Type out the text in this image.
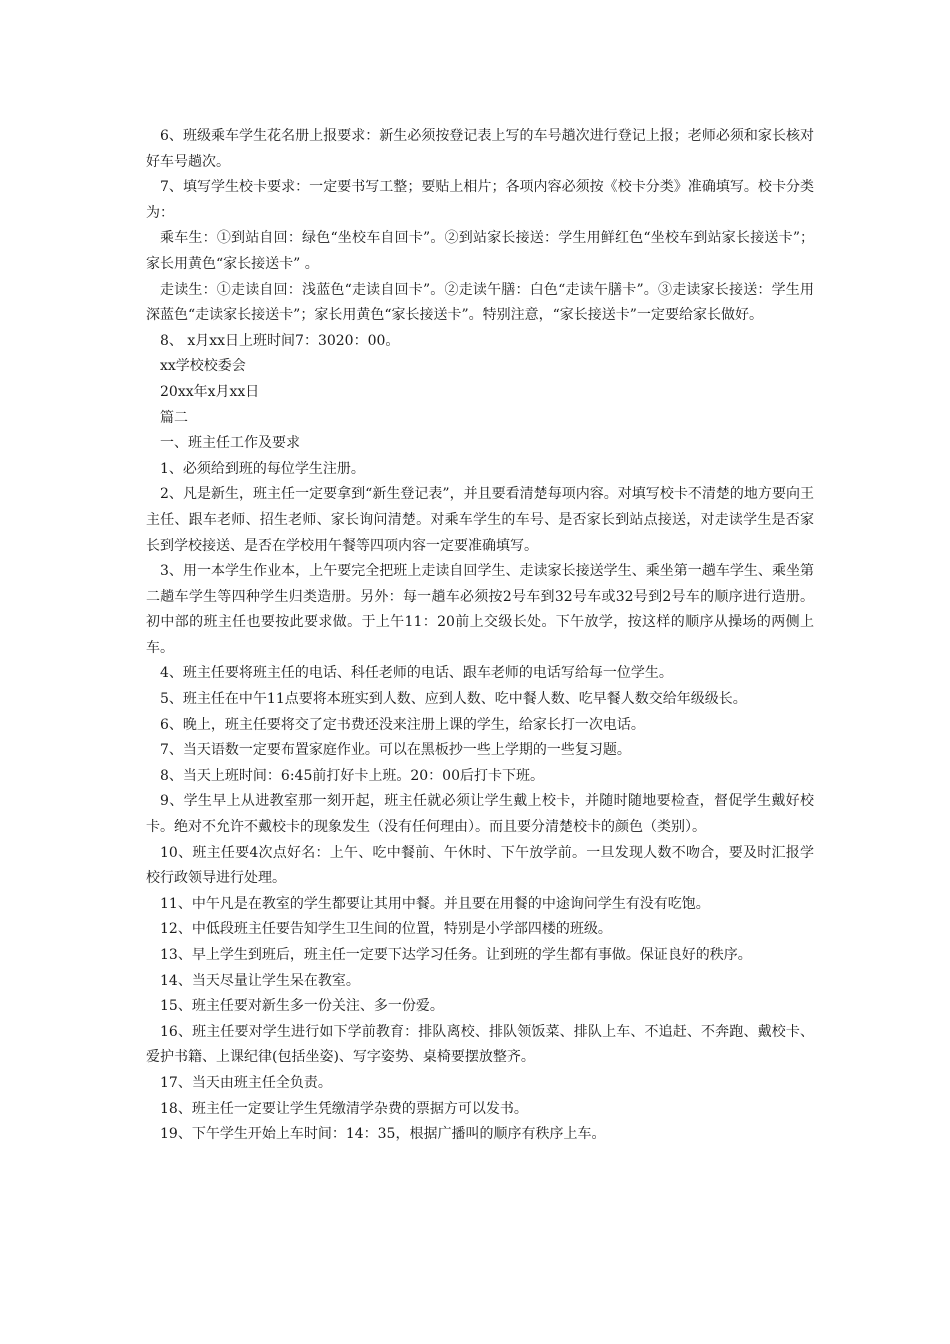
6、班级乘车学生花名册上报要求：新生必须按登记表上写的车号趟次进行登记上报；老师必须和家长核对好车号趟次。

7、填写学生校卡要求：一定要书写工整；要贴上相片；各项内容必须按《校卡分类》准确填写。校卡分类为：

乘车生：①到站自回：绿色“坐校车自回卡”。②到站家长接送：学生用鲜红色“坐校车到站家长接送卡”；家长用黄色“家长接送卡” 。

走读生：①走读自回：浅蓝色“走读自回卡”。②走读午膳：白色“走读午膳卡”。③走读家长接送：学生用深蓝色“走读家长接送卡”；家长用黄色“家长接送卡”。特别注意，“家长接送卡”一定要给家长做好。

8、 x月xx日上班时间7：3020：00。

xx学校校委会

20xx年x月xx日

篇二

一、班主任工作及要求

1、必须给到班的每位学生注册。

2、凡是新生，班主任一定要拿到“新生登记表”，并且要看清楚每项内容。对填写校卡不清楚的地方要向王主任、跟车老师、招生老师、家长询问清楚。对乘车学生的车号、是否家长到站点接送，对走读学生是否家长到学校接送、是否在学校用午餐等四项内容一定要准确填写。

3、用一本学生作业本，上午要完全把班上走读自回学生、走读家长接送学生、乘坐第一趟车学生、乘坐第二趟车学生等四种学生归类造册。另外：每一趟车必须按2号车到32号车或32号到2号车的顺序进行造册。初中部的班主任也要按此要求做。于上午11：20前上交级长处。下午放学，按这样的顺序从操场的两侧上车。

4、班主任要将班主任的电话、科任老师的电话、跟车老师的电话写给每一位学生。

5、班主任在中午11点要将本班实到人数、应到人数、吃中餐人数、吃早餐人数交给年级级长。

6、晚上，班主任要将交了定书费还没来注册上课的学生，给家长打一次电话。

7、当天语数一定要布置家庭作业。可以在黑板抄一些上学期的一些复习题。

8、当天上班时间：6:45前打好卡上班。20：00后打卡下班。

9、学生早上从进教室那一刻开起，班主任就必须让学生戴上校卡，并随时随地要检查，督促学生戴好校卡。绝对不允许不戴校卡的现象发生（没有任何理由）。而且要分清楚校卡的颜色（类别）。

10、班主任要4次点好名：上午、吃中餐前、午休时、下午放学前。一旦发现人数不吻合，要及时汇报学校行政领导进行处理。

11、中午凡是在教室的学生都要让其用中餐。并且要在用餐的中途询问学生有没有吃饱。

12、中低段班主任要告知学生卫生间的位置，特别是小学部四楼的班级。

13、早上学生到班后，班主任一定要下达学习任务。让到班的学生都有事做。保证良好的秩序。

14、当天尽量让学生呆在教室。

15、班主任要对新生多一份关注、多一份爱。

16、班主任要对学生进行如下学前教育：排队离校、排队领饭菜、排队上车、不追赶、不奔跑、戴校卡、爱护书籍、上课纪律(包括坐姿)、写字姿势、桌椅要摆放整齐。

17、当天由班主任全负责。

18、班主任一定要让学生凭缴清学杂费的票据方可以发书。

19、下午学生开始上车时间：14：35，根据广播叫的顺序有秩序上车。
